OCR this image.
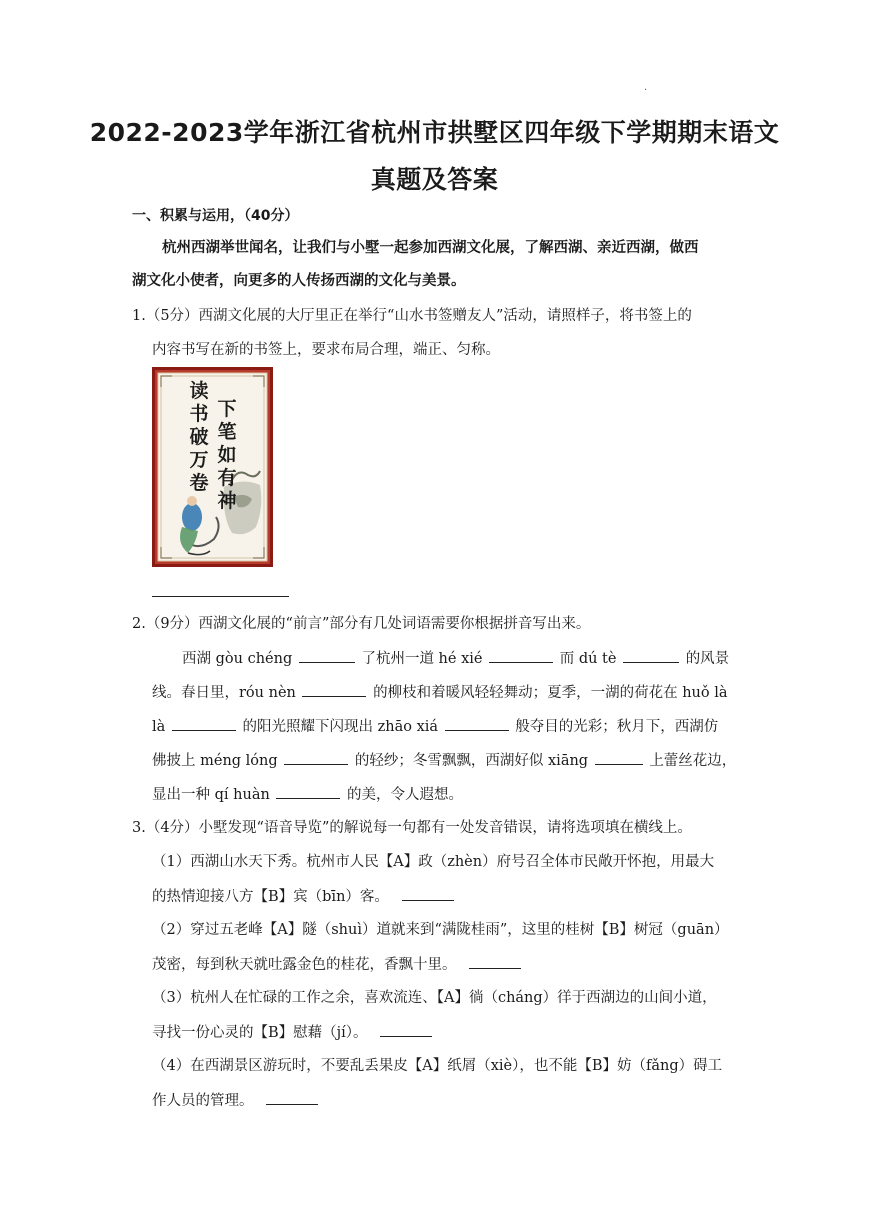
.
2022-2023学年浙江省杭州市拱墅区四年级下学期期末语文
真题及答案
一、积累与运用，（40分）
杭州西湖举世闻名，让我们与小墅一起参加西湖文化展，了解西湖、亲近西湖，做西
湖文化小使者，向更多的人传扬西湖的文化与美景。
1.（5分）西湖文化展的大厅里正在举行“山水书签赠友人”活动，请照样子，将书签上的
内容书写在新的书签上，要求布局合理，端正、匀称。
下
笔
如
有
神
读
书
破
万
卷
2.（9分）西湖文化展的“前言”部分有几处词语需要你根据拼音写出来。
西湖 gòu chéng	了杭州一道 hé xié	而 dú tè	的风景
线。春日里，róu nèn	的柳枝和着暖风轻轻舞动；夏季，一湖的荷花在 huǒ là
là	的阳光照耀下闪现出 zhāo xiá	般夺目的光彩；秋月下，西湖仿
佛披上 méng lóng	的轻纱；冬雪飘飘，西湖好似 xiāng	上蕾丝花边，
显出一种 qí huàn	的美，令人遐想。
3.（4分）小墅发现“语音导览”的解说每一句都有一处发音错误，请将选项填在横线上。
（1）西湖山水天下秀。杭州市人民【A】政（zhèn）府号召全体市民敞开怀抱，用最大
的热情迎接八方【B】宾（bīn）客。
（2）穿过五老峰【A】隧（shuì）道就来到“满陇桂雨”，这里的桂树【B】树冠（guān）
茂密，每到秋天就吐露金色的桂花，香飘十里。
（3）杭州人在忙碌的工作之余，喜欢流连、【A】徜（cháng）徉于西湖边的山间小道，
寻找一份心灵的【B】慰藉（jí）。
（4）在西湖景区游玩时，不要乱丢果皮【A】纸屑（xiè），也不能【B】妨（fǎng）碍工
作人员的管理。
